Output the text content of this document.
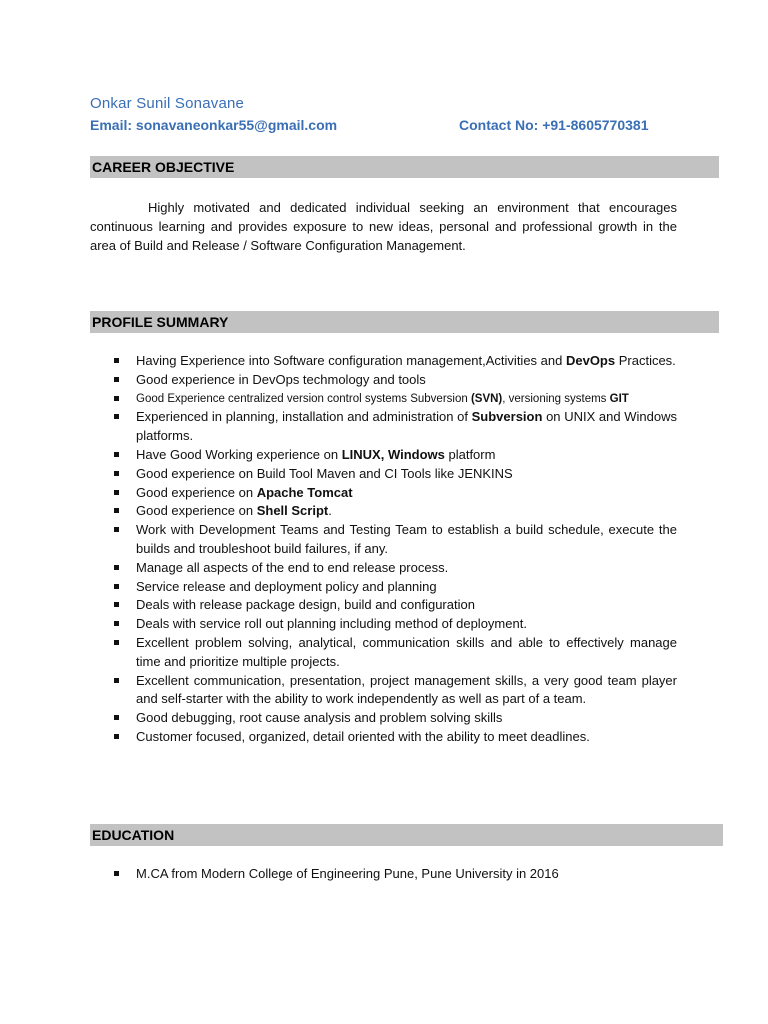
Onkar Sunil Sonavane
Email: sonavaneonkar55@gmail.com	Contact No: +91-8605770381
CAREER OBJECTIVE
Highly motivated and dedicated individual seeking an environment that encourages continuous learning and provides exposure to new ideas, personal and professional growth in the area of Build and Release / Software Configuration Management.
PROFILE SUMMARY
Having Experience into Software configuration management,Activities and DevOps Practices.
Good experience in DevOps techmology and tools
Good Experience centralized version control systems Subversion (SVN), versioning systems GIT
Experienced in planning, installation and administration of Subversion on UNIX and Windows platforms.
Have Good Working experience on LINUX, Windows platform
Good experience on Build Tool Maven and CI Tools like JENKINS
Good experience on Apache Tomcat
Good experience on Shell Script.
Work with Development Teams and Testing Team to establish a build schedule, execute the builds and troubleshoot build failures, if any.
Manage all aspects of the end to end release process.
Service release and deployment policy and planning
Deals with release package design, build and configuration
Deals with service roll out planning including method of deployment.
Excellent problem solving, analytical, communication skills and able to effectively manage time and prioritize multiple projects.
Excellent communication, presentation, project management skills, a very good team player and self-starter with the ability to work independently as well as part of a team.
Good debugging, root cause analysis and problem solving skills
Customer focused, organized, detail oriented with the ability to meet deadlines.
EDUCATION
M.CA from Modern College of Engineering Pune, Pune University in 2016
